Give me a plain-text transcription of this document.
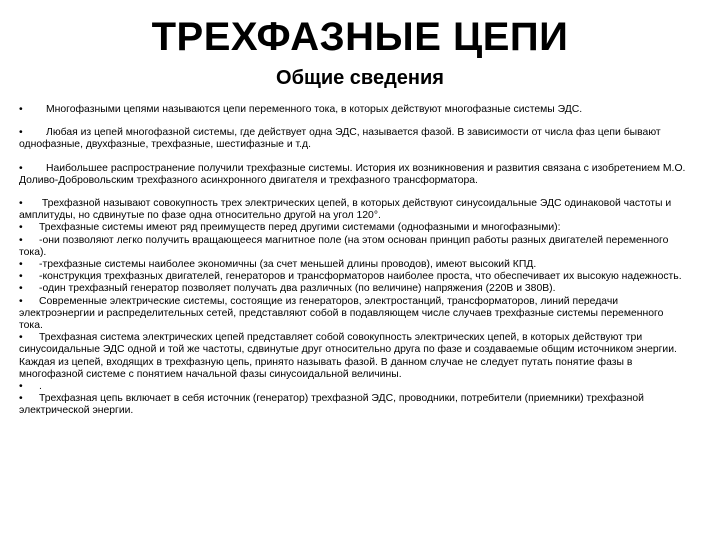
ТРЕХФАЗНЫЕ ЦЕПИ
Общие сведения

• Многофазными цепями называются цепи переменного тока, в которых действуют многофазные системы ЭДС.

• Любая из цепей многофазной системы, где действует одна ЭДС, называется фазой. В зависимости от числа фаз цепи бывают однофазные, двухфазные, трехфазные, шестифазные и т.д.

• Наибольшее распространение получили трехфазные системы. История их возникновения и развития связана с изобретением М.О. Доливо-Добровольским трехфазного асинхронного двигателя и трехфазного трансформатора.

• Трехфазной называют совокупность трех электрических цепей, в которых действуют синусоидальные ЭДС одинаковой частоты и амплитуды, но сдвинутые по фазе одна относительно другой на угол 120°.

• Трехфазные системы имеют ряд преимуществ перед другими системами (однофазными и многофазными):

• -они позволяют легко получить вращающееся магнитное поле (на этом основан принцип работы разных двигателей переменного тока).

• -трехфазные системы наиболее экономичны (за счет меньшей длины проводов), имеют высокий КПД.

• -конструкция трехфазных двигателей, генераторов и трансформаторов наиболее проста, что обеспечивает их высокую надежность.

• -один трехфазный генератор позволяет получать два различных (по величине) напряжения (220В и 380В).

• Современные электрические системы, состоящие из генераторов, электростанций, трансформаторов, линий передачи электроэнергии и распределительных сетей, представляют собой в подавляющем числе случаев трехфазные системы переменного тока.

• Трехфазная система электрических цепей представляет собой совокупность электрических цепей, в которых действуют три синусоидальные ЭДС одной и той же частоты, сдвинутые друг относительно друга по фазе и создаваемые общим источником энергии. Каждая из цепей, входящих в трехфазную цепь, принято называть фазой. В данном случае не следует путать понятие фазы в многофазной системе с понятием начальной фазы синусоидальной величины.

• .

• Трехфазная цепь включает в себя источник (генератор) трехфазной ЭДС, проводники, потребители (приемники) трехфазной электрической энергии.
